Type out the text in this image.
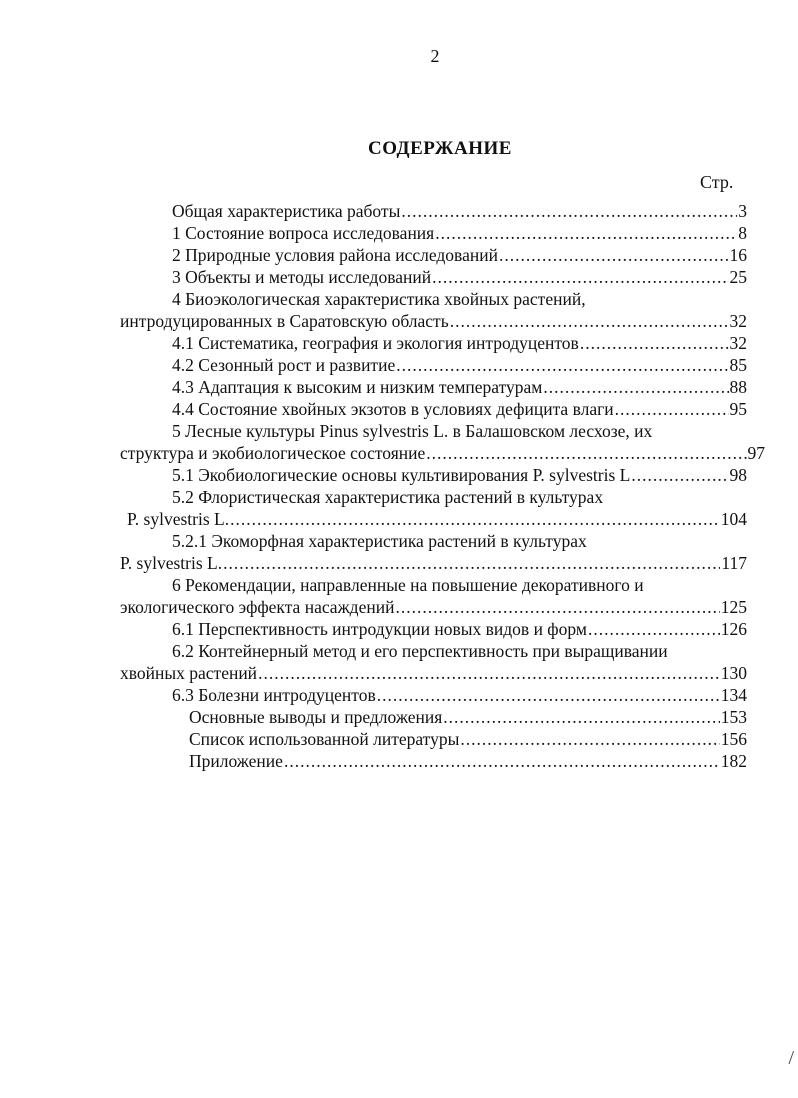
2
СОДЕРЖАНИЕ
Стр.
Общая характеристика работы .....	3
1 Состояние вопроса исследования .....	8
2 Природные условия района исследований .....	16
3 Объекты и методы исследований .....	25
4 Биоэкологическая характеристика хвойных растений,
интродуцированных в Саратовскую область .....	32
4.1 Систематика, география и экология интродуцентов .....	32
4.2 Сезонный рост и развитие .....	85
4.3 Адаптация к высоким и низким температурам .....	88
4.4 Состояние хвойных экзотов в условиях дефицита влаги .....	95
5 Лесные культуры Pinus sylvestris L. в Балашовском лесхозе, их
структура и экобиологическое состояние .....	97
5.1 Экобиологические основы культивирования P. sylvestris L .....	98
5.2 Флористическая характеристика растений в культурах
P. sylvestris L. .....	104
5.2.1 Экоморфная характеристика растений в культурах
P. sylvestris L. .....	117
6 Рекомендации, направленные на повышение декоративного и
экологического эффекта насаждений .....	125
6.1 Перспективность интродукции новых видов и форм .....	126
6.2 Контейнерный метод и его перспективность при выращивании
хвойных растений .....	130
6.3 Болезни интродуцентов .....	134
Основные выводы и предложения .....	153
Список использованной литературы .....	156
Приложение .....	182
/
